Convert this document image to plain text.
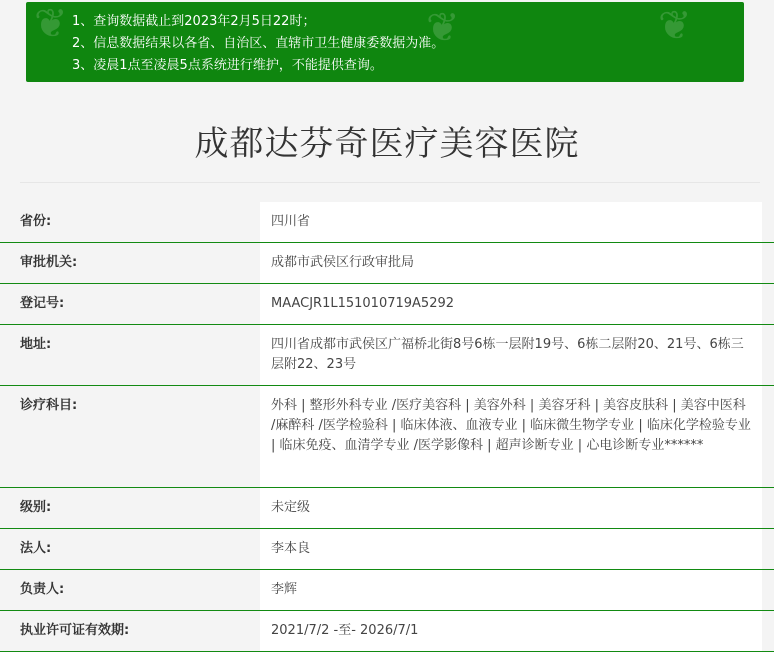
❦	❦	❦

1、查询数据截止到2023年2月5日22时；

2、信息数据结果以各省、自治区、直辖市卫生健康委数据为准。

3、凌晨1点至凌晨5点系统进行维护，不能提供查询。

成都达芬奇医疗美容医院
省份:	四川省
审批机关:	成都市武侯区行政审批局
登记号:	MAACJR1L151010719A5292
地址:	四川省成都市武侯区广福桥北街8号6栋一层附19号、6栋二层附20、21号、6栋三层附22、23号
诊疗科目:	外科 | 整形外科专业 /医疗美容科 | 美容外科 | 美容牙科 | 美容皮肤科 | 美容中医科 /麻醉科 /医学检验科 | 临床体液、血液专业 | 临床微生物学专业 | 临床化学检验专业 | 临床免疫、血清学专业 /医学影像科 | 超声诊断专业 | 心电诊断专业******
级别:	未定级
法人:	李本良
负责人:	李辉
执业许可证有效期:	2021/7/2 -至- 2026/7/1
